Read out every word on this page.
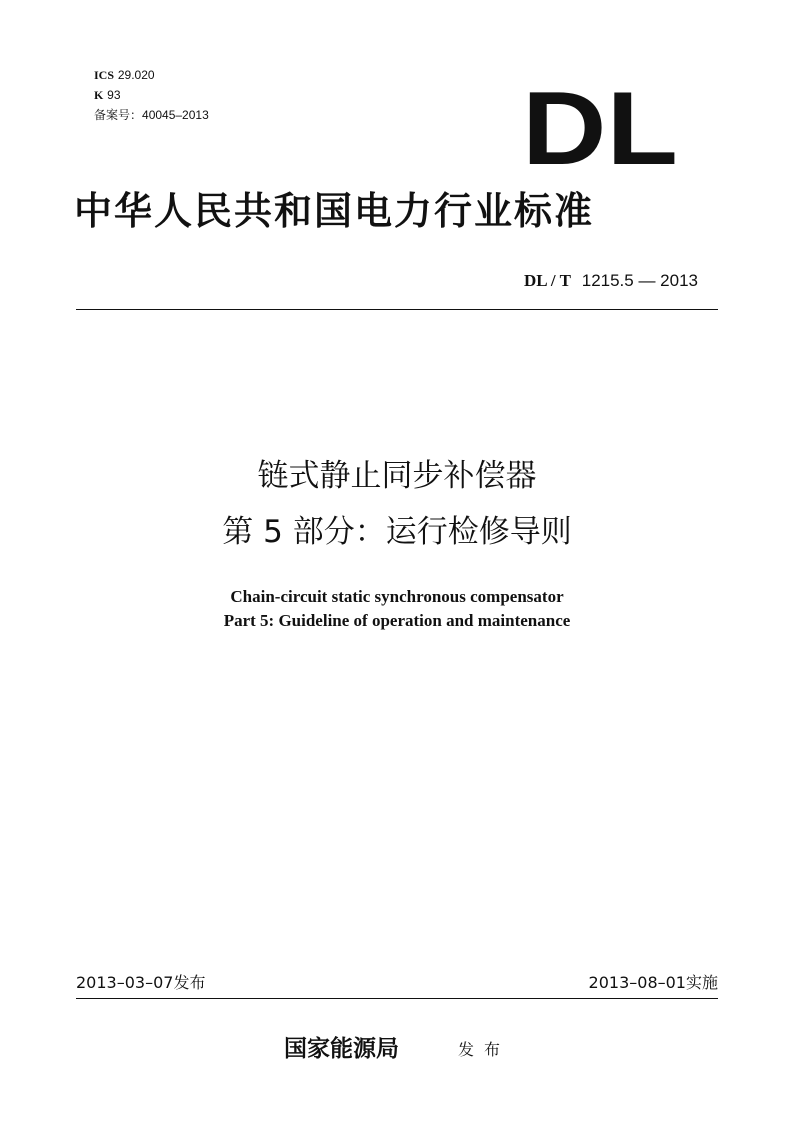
ICS 29.020
K 93
备案号：40045–2013	DL
中华人民共和国电力行业标准
DL / T 1215.5 — 2013
链式静止同步补偿器
第 5 部分：运行检修导则
Chain-circuit static synchronous compensator
Part 5: Guideline of operation and maintenance
2013–03–07发布	2013–08–01实施
国家能源局	发布
